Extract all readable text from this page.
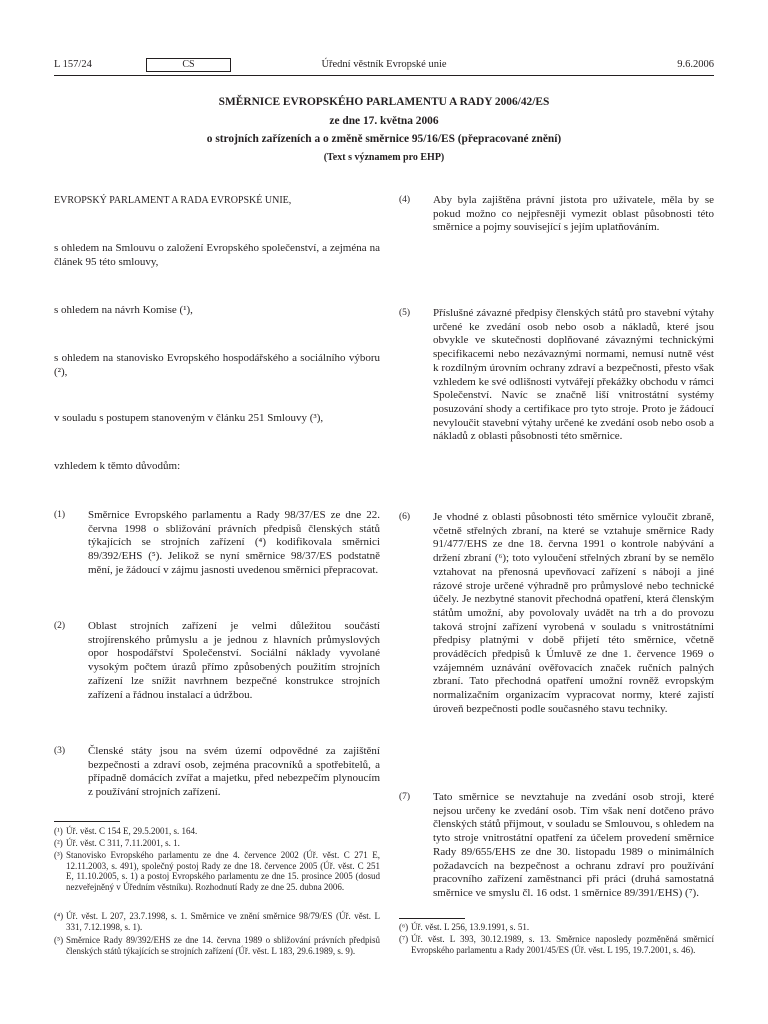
L 157/24	CS	Úřední věstník Evropské unie	9.6.2006
SMĚRNICE EVROPSKÉHO PARLAMENTU A RADY 2006/42/ES
ze dne 17. května 2006
o strojních zařízeních a o změně směrnice 95/16/ES (přepracované znění)
(Text s významem pro EHP)

EVROPSKÝ PARLAMENT A RADA EVROPSKÉ UNIE,

s ohledem na Smlouvu o založení Evropského společenství, a zejména na článek 95 této smlouvy,

s ohledem na návrh Komise (¹),

s ohledem na stanovisko Evropského hospodářského a sociálního výboru (²),

v souladu s postupem stanoveným v článku 251 Smlouvy (³),

vzhledem k těmto důvodům:

(1)	Směrnice Evropského parlamentu a Rady 98/37/ES ze dne 22. června 1998 o sbližování právních předpisů členských států týkajících se strojních zařízení (⁴) kodifikovala směrnici 89/392/EHS (⁵). Jelikož se nyní směrnice 98/37/ES podstatně mění, je žádoucí v zájmu jasnosti uvedenou směrnici přepracovat.
(2)	Oblast strojních zařízení je velmi důležitou součástí strojírenského průmyslu a je jednou z hlavních průmyslových opor hospodářství Společenství. Sociální náklady vyvolané vysokým počtem úrazů přímo způsobených použitím strojních zařízení lze snížit navrhnem bezpečné konstrukce strojních zařízení a řádnou instalací a údržbou.
(3)	Členské státy jsou na svém území odpovědné za zajištění bezpečnosti a zdraví osob, zejména pracovníků a spotřebitelů, a případně domácích zvířat a majetku, před nebezpečím plynoucím z používání strojních zařízení.
(¹) Úř. věst. C 154 E, 29.5.2001, s. 164.
(²) Úř. věst. C 311, 7.11.2001, s. 1.
(³) Stanovisko Evropského parlamentu ze dne 4. července 2002 (Úř. věst. C 271 E, 12.11.2003, s. 491), společný postoj Rady ze dne 18. července 2005 (Úř. věst. C 251 E, 11.10.2005, s. 1) a postoj Evropského parlamentu ze dne 15. prosince 2005 (dosud nezveřejněný v Úředním věstníku). Rozhodnutí Rady ze dne 25. dubna 2006.
(⁴) Úř. věst. L 207, 23.7.1998, s. 1. Směrnice ve znění směrnice 98/79/ES (Úř. věst. L 331, 7.12.1998, s. 1).
(⁵) Směrnice Rady 89/392/EHS ze dne 14. června 1989 o sbližování právních předpisů členských států týkajících se strojních zařízení (Úř. věst. L 183, 29.6.1989, s. 9).
(4)	Aby byla zajištěna právní jistota pro uživatele, měla by se pokud možno co nejpřesněji vymezit oblast působnosti této směrnice a pojmy související s jejím uplatňováním.
(5)	Příslušné závazné předpisy členských států pro stavební výtahy určené ke zvedání osob nebo osob a nákladů, které jsou obvykle ve skutečnosti doplňované závaznými technickými specifikacemi nebo nezávaznými normami, nemusí nutně vést k rozdílným úrovním ochrany zdraví a bezpečnosti, přesto však vzhledem ke své odlišnosti vytvářejí překážky obchodu v rámci Společenství. Navíc se značně liší vnitrostátní systémy posuzování shody a certifikace pro tyto stroje. Proto je žádoucí nevyloučit stavební výtahy určené ke zvedání osob nebo osob a nákladů z oblasti působnosti této směrnice.
(6)	Je vhodné z oblasti působnosti této směrnice vyloučit zbraně, včetně střelných zbraní, na které se vztahuje směrnice Rady 91/477/EHS ze dne 18. června 1991 o kontrole nabývání a držení zbraní (⁶); toto vyloučení střelných zbraní by se nemělo vztahovat na přenosná upevňovací zařízení s náboji a jiné rázové stroje určené výhradně pro průmyslové nebo technické účely. Je nezbytné stanovit přechodná opatření, která členským státům umožní, aby povolovaly uvádět na trh a do provozu taková strojní zařízení vyrobená v souladu s vnitrostátními předpisy platnými v době přijetí této směrnice, včetně prováděcích předpisů k Úmluvě ze dne 1. července 1969 o vzájemném uznávání ověřovacích značek ručních palných zbraní. Tato přechodná opatření umožní rovněž evropským normalizačním organizacím vypracovat normy, které zajistí úroveň bezpečnosti podle současného stavu techniky.
(7)	Tato směrnice se nevztahuje na zvedání osob stroji, které nejsou určeny ke zvedání osob. Tím však není dotčeno právo členských států přijmout, v souladu se Smlouvou, s ohledem na tyto stroje vnitrostátní opatření za účelem provedení směrnice Rady 89/655/EHS ze dne 30. listopadu 1989 o minimálních požadavcích na bezpečnost a ochranu zdraví pro používání pracovního zařízení zaměstnanci při práci (druhá samostatná směrnice ve smyslu čl. 16 odst. 1 směrnice 89/391/EHS) (⁷).
(⁶) Úř. věst. L 256, 13.9.1991, s. 51.
(⁷) Úř. věst. L 393, 30.12.1989, s. 13. Směrnice naposledy pozměněná směrnicí Evropského parlamentu a Rady 2001/45/ES (Úř. věst. L 195, 19.7.2001, s. 46).
